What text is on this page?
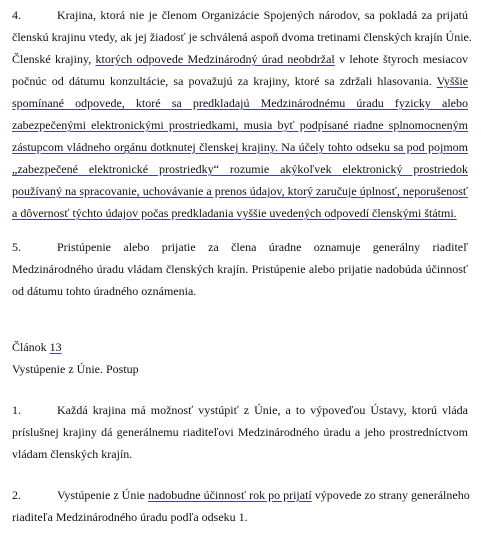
4.	Krajina, ktorá nie je členom Organizácie Spojených národov, sa pokladá za prijatú
členskú krajinu vtedy, ak jej žiadosť je schválená aspoň dvoma tretinami členských krajín Únie.
Členské krajiny, ktorých odpovede Medzinárodný úrad neobdržal v lehote štyroch mesiacov
počnúc od dátumu konzultácie, sa považujú za krajiny, ktoré sa zdržali hlasovania. Vyššie
spomínané odpovede, ktoré sa predkladajú Medzinárodnému úradu fyzicky alebo
zabezpečenými elektronickými prostriedkami, musia byť podpísané riadne splnomocneným
zástupcom vládneho orgánu dotknutej členskej krajiny. Na účely tohto odseku sa pod pojmom
„zabezpečené elektronické prostriedky“ rozumie akýkoľvek elektronický prostriedok
používaný na spracovanie, uchovávanie a prenos údajov, ktorý zaručuje úplnosť, neporušenosť
a dôvernosť týchto údajov počas predkladania vyššie uvedených odpovedí členskými štátmi.
5.	Pristúpenie alebo prijatie za člena úradne oznamuje generálny riaditeľ
Medzinárodného úradu vládam členských krajín. Pristúpenie alebo prijatie nadobúda účinnosť
od dátumu tohto úradného oznámenia.
Článok 13
Vystúpenie z Únie. Postup
1.	Každá krajina má možnosť vystúpiť z Únie, a to výpoveďou Ústavy, ktorú vláda
príslušnej krajiny dá generálnemu riaditeľovi Medzinárodného úradu a jeho prostredníctvom
vládam členských krajín.
2.	Vystúpenie z Únie nadobudne účinnosť rok po prijatí výpovede zo strany generálneho
riaditeľa Medzinárodného úradu podľa odseku 1.
